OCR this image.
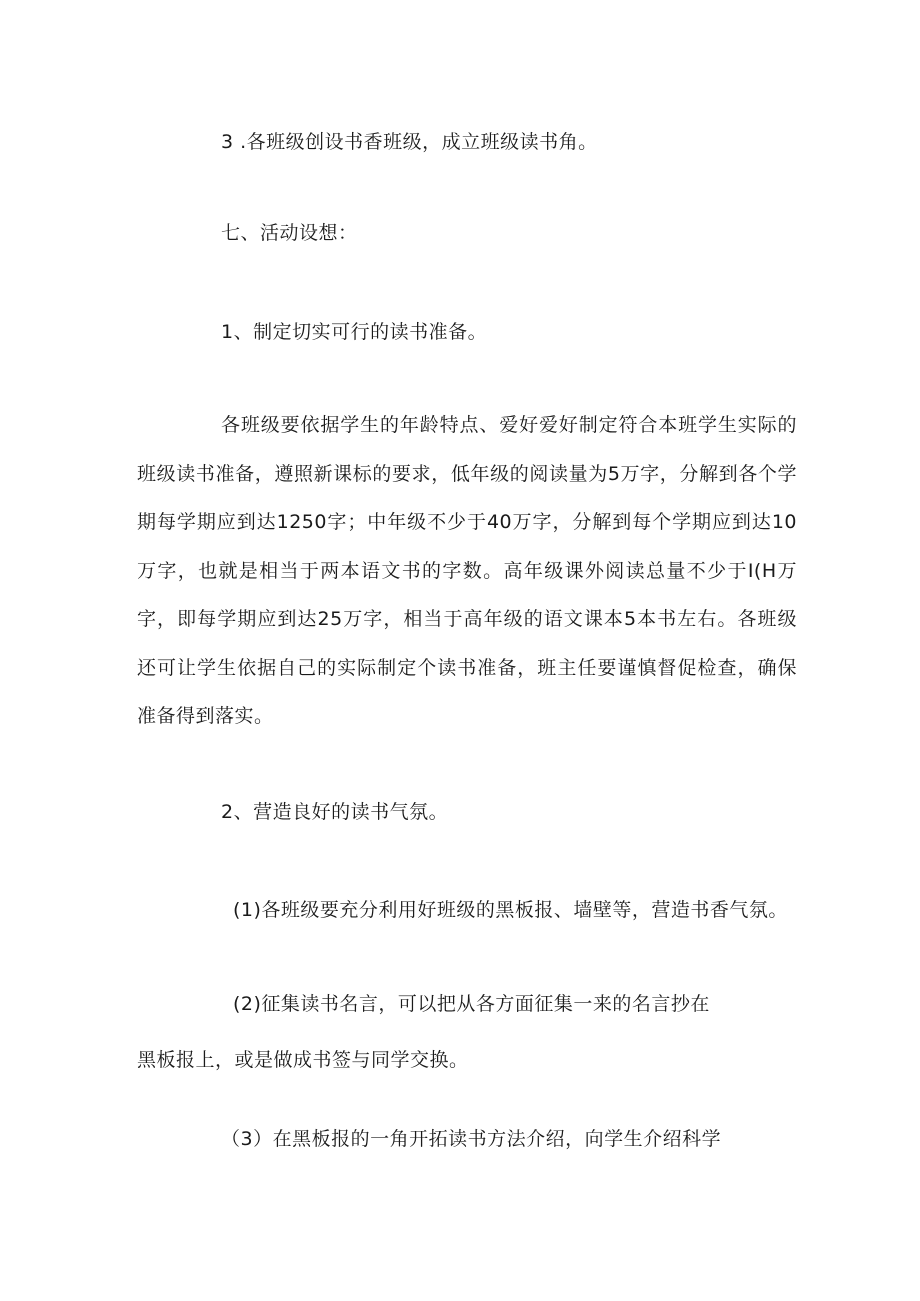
3 .各班级创设书香班级，成立班级读书角。
七、活动设想：
1、制定切实可行的读书准备。
各班级要依据学生的年龄特点、爱好爱好制定符合本班学生实际的班级读书准备，遵照新课标的要求，低年级的阅读量为5万字，分解到各个学期每学期应到达1250字；中年级不少于40万字，分解到每个学期应到达10万字，也就是相当于两本语文书的字数。高年级课外阅读总量不少于I(H万字，即每学期应到达25万字，相当于高年级的语文课本5本书左右。各班级还可让学生依据自己的实际制定个读书准备，班主任要谨慎督促检查，确保准备得到落实。
2、营造良好的读书气氛。
(1)各班级要充分利用好班级的黑板报、墙壁等，营造书香气氛。
(2)征集读书名言，可以把从各方面征集一来的名言抄在
黑板报上，或是做成书签与同学交换。
（3）在黑板报的一角开拓读书方法介绍，向学生介绍科学
